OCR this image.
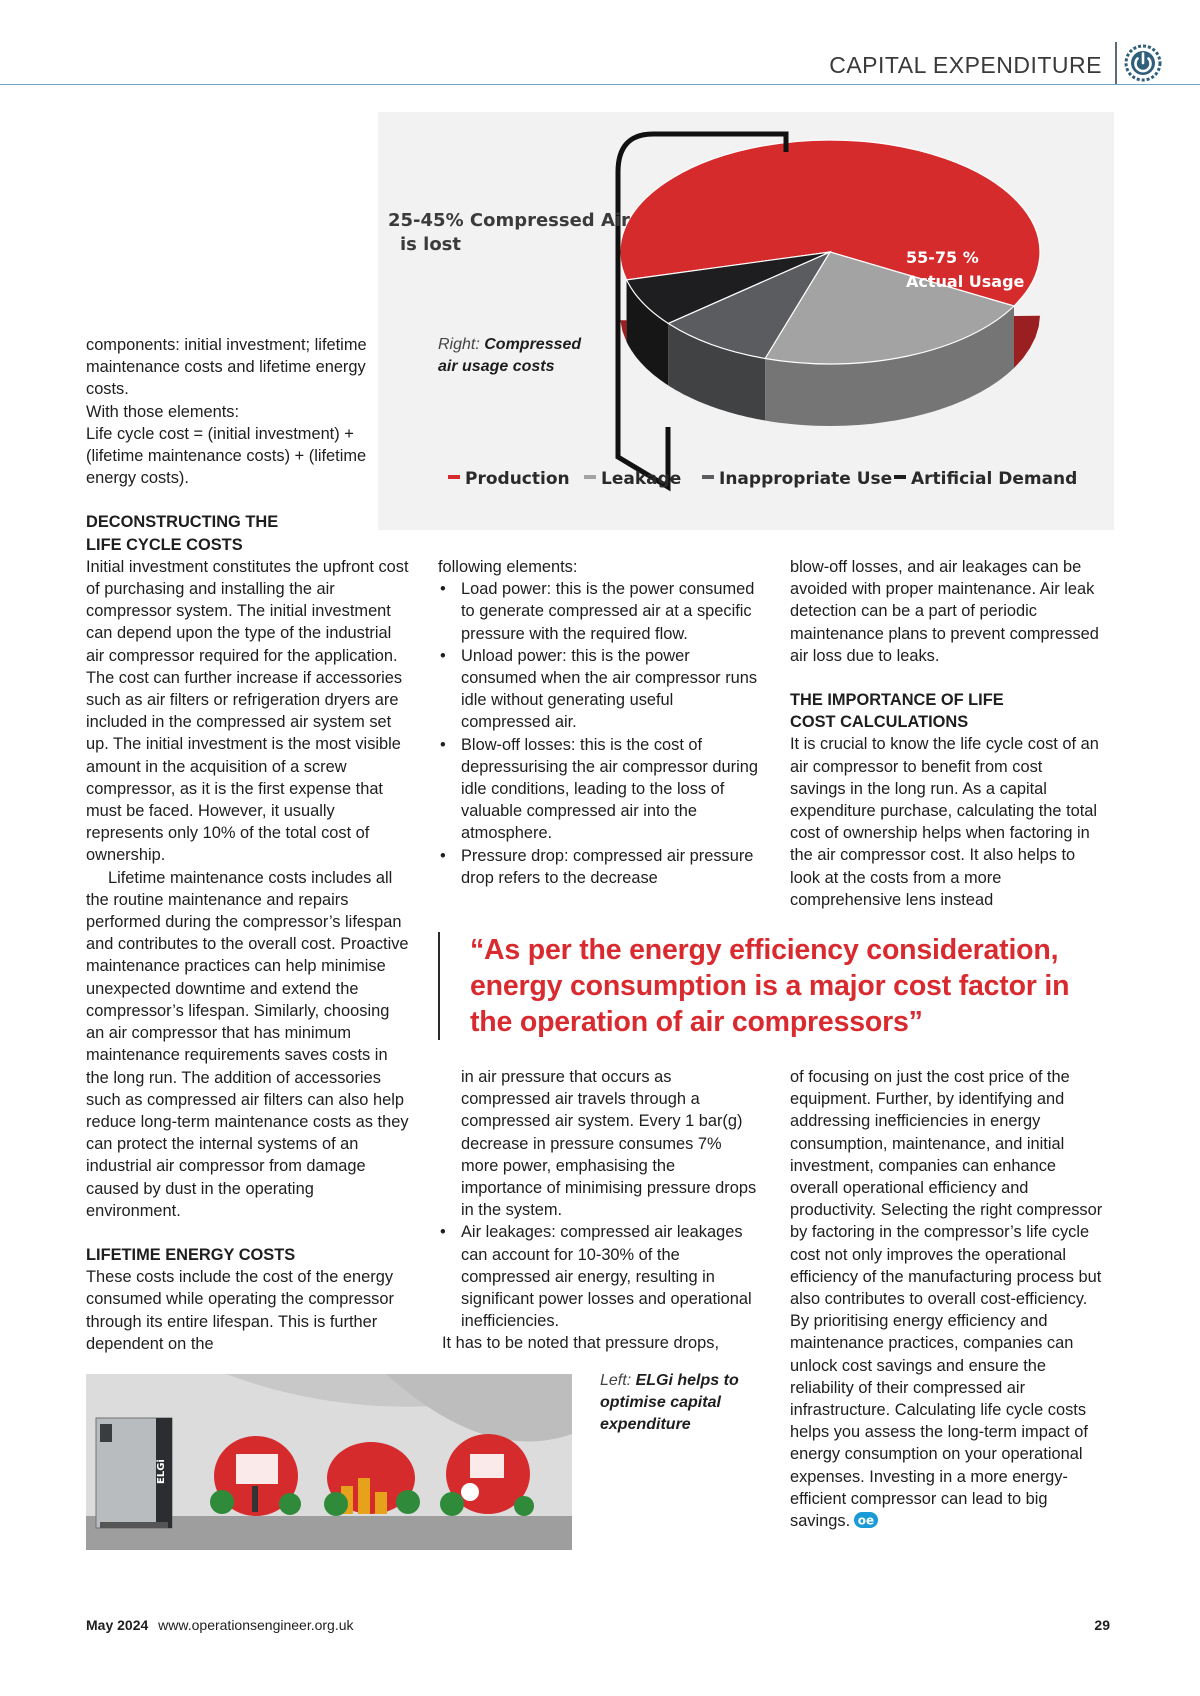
CAPITAL EXPENDITURE
25-45% Compressed Air
is lost
55-75 %
Actual Usage
Production Leakage Inappropriate Use Artificial Demand
Right: Compressed air usage costs

components: initial investment; lifetime maintenance costs and lifetime energy costs.

With those elements:

Life cycle cost = (initial investment) + (lifetime maintenance costs) + (lifetime energy costs).

DECONSTRUCTING THE
LIFE CYCLE COSTS

Initial investment constitutes the upfront cost of purchasing and installing the air compressor system. The initial investment can depend upon the type of the industrial air compressor required for the application. The cost can further increase if accessories such as air filters or refrigeration dryers are included in the compressed air system set up. The initial investment is the most visible amount in the acquisition of a screw compressor, as it is the first expense that must be faced. However, it usually represents only 10% of the total cost of ownership.

Lifetime maintenance costs includes all the routine maintenance and repairs performed during the compressor’s lifespan and contributes to the overall cost. Proactive maintenance practices can help minimise unexpected downtime and extend the compressor’s lifespan. Similarly, choosing an air compressor that has minimum maintenance requirements saves costs in the long run. The addition of accessories such as compressed air filters can also help reduce long-term maintenance costs as they can protect the internal systems of an industrial air compressor from damage caused by dust in the operating environment.

LIFETIME ENERGY COSTS

These costs include the cost of the energy consumed while operating the compressor through its entire lifespan. This is further dependent on the

following elements:

• Load power: this is the power consumed to generate compressed air at a specific pressure with the required flow.
• Unload power: this is the power consumed when the air compressor runs idle without generating useful compressed air.
• Blow-off losses: this is the cost of depressurising the air compressor during idle conditions, leading to the loss of valuable compressed air into the atmosphere.
• Pressure drop: compressed air pressure drop refers to the decrease

blow-off losses, and air leakages can be avoided with proper maintenance. Air leak detection can be a part of periodic maintenance plans to prevent compressed air loss due to leaks.

THE IMPORTANCE OF LIFE
COST CALCULATIONS

It is crucial to know the life cycle cost of an air compressor to benefit from cost savings in the long run. As a capital expenditure purchase, calculating the total cost of ownership helps when factoring in the air compressor cost. It also helps to look at the costs from a more comprehensive lens instead

“As per the energy efficiency consideration, energy consumption is a major cost factor in the operation of air compressors”

in air pressure that occurs as compressed air travels through a compressed air system. Every 1 bar(g) decrease in pressure consumes 7% more power, emphasising the importance of minimising pressure drops in the system.

• Air leakages: compressed air leakages can account for 10-30% of the compressed air energy, resulting in significant power losses and operational inefficiencies.

It has to be noted that pressure drops,

of focusing on just the cost price of the equipment. Further, by identifying and addressing inefficiencies in energy consumption, maintenance, and initial investment, companies can enhance overall operational efficiency and productivity. Selecting the right compressor by factoring in the compressor’s life cycle cost not only improves the operational efficiency of the manufacturing process but also contributes to overall cost-efficiency. By prioritising energy efficiency and maintenance practices, companies can unlock cost savings and ensure the reliability of their compressed air infrastructure. Calculating life cycle costs helps you assess the long-term impact of energy consumption on your operational expenses. Investing in a more energy-efficient compressor can lead to big savings. oe

ELGi
Left: ELGi helps to optimise capital expenditure
May 2024 www.operationsengineer.org.uk	29
